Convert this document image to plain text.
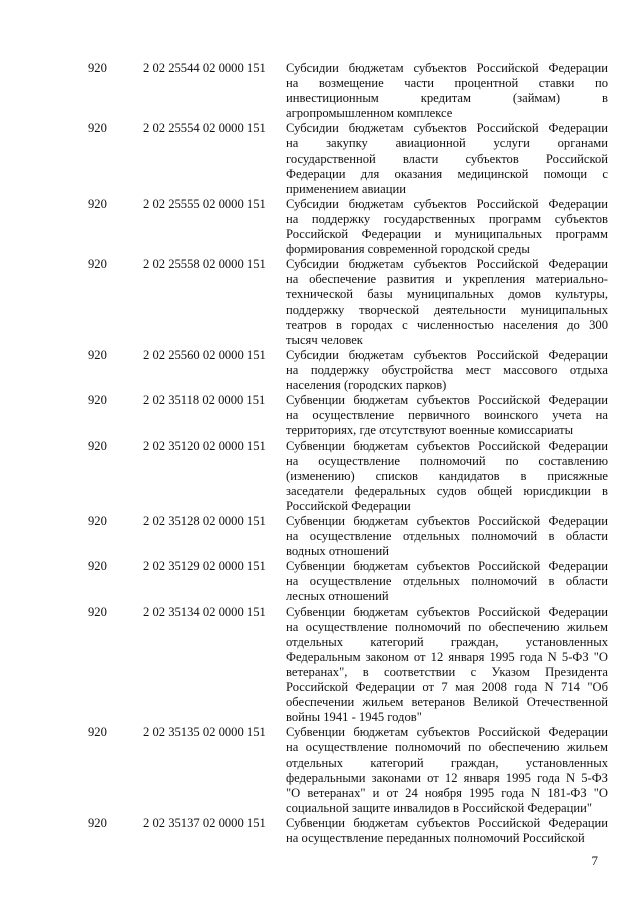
920	2 02 25544 02 0000 151	Субсидии бюджетам субъектов Российской Федерации
на возмещение части процентной ставки по
инвестиционным кредитам (займам) в
агропромышленном комплексе
920	2 02 25554 02 0000 151	Субсидии бюджетам субъектов Российской Федерации
на закупку авиационной услуги органами
государственной власти субъектов Российской
Федерации для оказания медицинской помощи с
применением авиации
920	2 02 25555 02 0000 151	Субсидии бюджетам субъектов Российской Федерации
на поддержку государственных программ субъектов
Российской Федерации и муниципальных программ
формирования современной городской среды
920	2 02 25558 02 0000 151	Субсидии бюджетам субъектов Российской Федерации
на обеспечение развития и укрепления материально-
технической базы муниципальных домов культуры,
поддержку творческой деятельности муниципальных
театров в городах с численностью населения до 300
тысяч человек
920	2 02 25560 02 0000 151	Субсидии бюджетам субъектов Российской Федерации
на поддержку обустройства мест массового отдыха
населения (городских парков)
920	2 02 35118 02 0000 151	Субвенции бюджетам субъектов Российской Федерации
на осуществление первичного воинского учета на
территориях, где отсутствуют военные комиссариаты
920	2 02 35120 02 0000 151	Субвенции бюджетам субъектов Российской Федерации
на осуществление полномочий по составлению
(изменению) списков кандидатов в присяжные
заседатели федеральных судов общей юрисдикции в
Российской Федерации
920	2 02 35128 02 0000 151	Субвенции бюджетам субъектов Российской Федерации
на осуществление отдельных полномочий в области
водных отношений
920	2 02 35129 02 0000 151	Субвенции бюджетам субъектов Российской Федерации
на осуществление отдельных полномочий в области
лесных отношений
920	2 02 35134 02 0000 151	Субвенции бюджетам субъектов Российской Федерации
на осуществление полномочий по обеспечению жильем
отдельных категорий граждан, установленных
Федеральным законом от 12 января 1995 года N 5-ФЗ "О
ветеранах", в соответствии с Указом Президента
Российской Федерации от 7 мая 2008 года N 714 "Об
обеспечении жильем ветеранов Великой Отечественной
войны 1941 - 1945 годов"
920	2 02 35135 02 0000 151	Субвенции бюджетам субъектов Российской Федерации
на осуществление полномочий по обеспечению жильем
отдельных категорий граждан, установленных
федеральными законами от 12 января 1995 года N 5-ФЗ
"О ветеранах" и от 24 ноября 1995 года N 181-ФЗ "О
социальной защите инвалидов в Российской Федерации"
920	2 02 35137 02 0000 151	Субвенции бюджетам субъектов Российской Федерации
на осуществление переданных полномочий Российской
7
